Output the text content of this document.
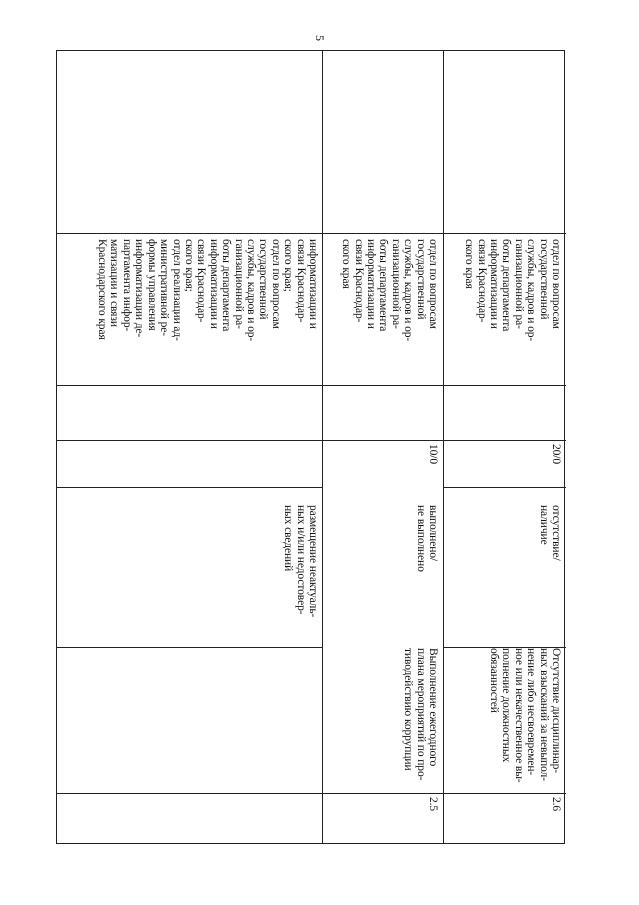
5
размещение неактуаль-
ных и/или недостовер-
ных сведений
информатизации и
связи Краснодар-
ского края;
отдел по вопросам
государственной
службы, кадров и ор-
ганизационной ра-
боты департамента
информатизации и
связи Краснодар-
ского края;
отдел реализации ад-
министративной ре-
формы управления
информатизации де-
партамента инфор-
матизации и связи
Краснодарского края
2.5
Выполнение ежегодного
плана мероприятий по про-
тиводействию коррупции
выполнено/
не выполнено
10/0
отдел по вопросам
государственной
службы, кадров и ор-
ганизационной ра-
боты департамента
информатизации и
связи Краснодар-
ского края
2.6
Отсутствие дисциплинар-
ных взысканий за невыпол-
нение либо несвоевремен-
ное или некачественное вы-
полнение должностных
обязанностей
отсутствие/
наличие
20/0
отдел по вопросам
государственной
службы, кадров и ор-
ганизационной ра-
боты департамента
информатизации и
связи Краснодар-
ского края
